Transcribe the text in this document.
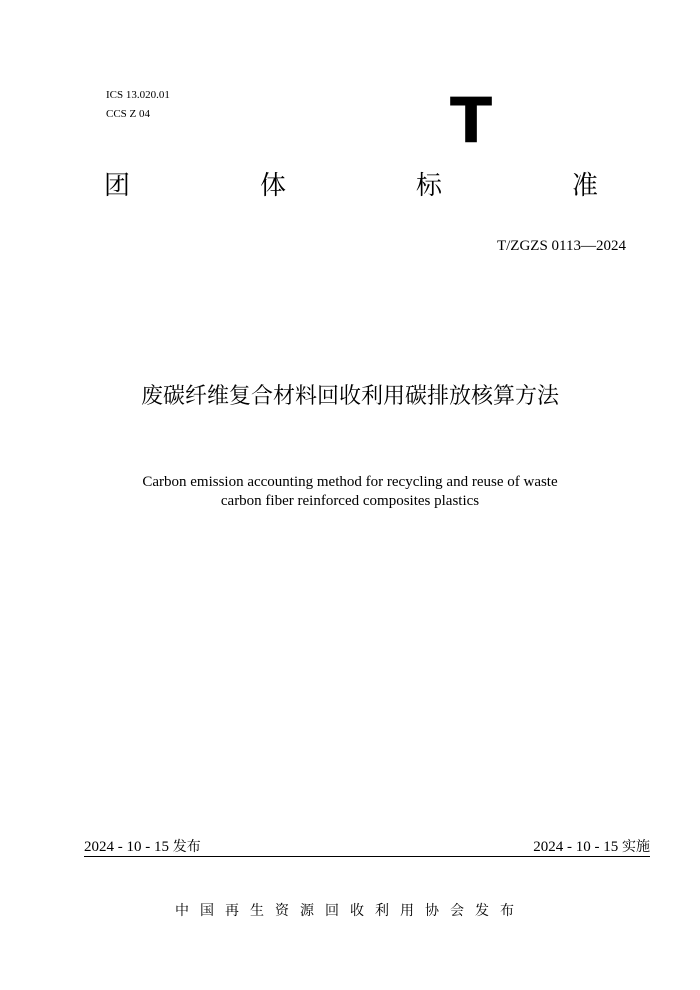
ICS 13.020.01
CCS Z 04	T
团	体	标	准
T/ZGZS 0113—2024
废碳纤维复合材料回收利用碳排放核算方法
Carbon emission accounting method for recycling and reuse of waste
carbon fiber reinforced composites plastics
2024 - 10 - 15 发布	2024 - 10 - 15 实施
中国再生资源回收利用协会发布
